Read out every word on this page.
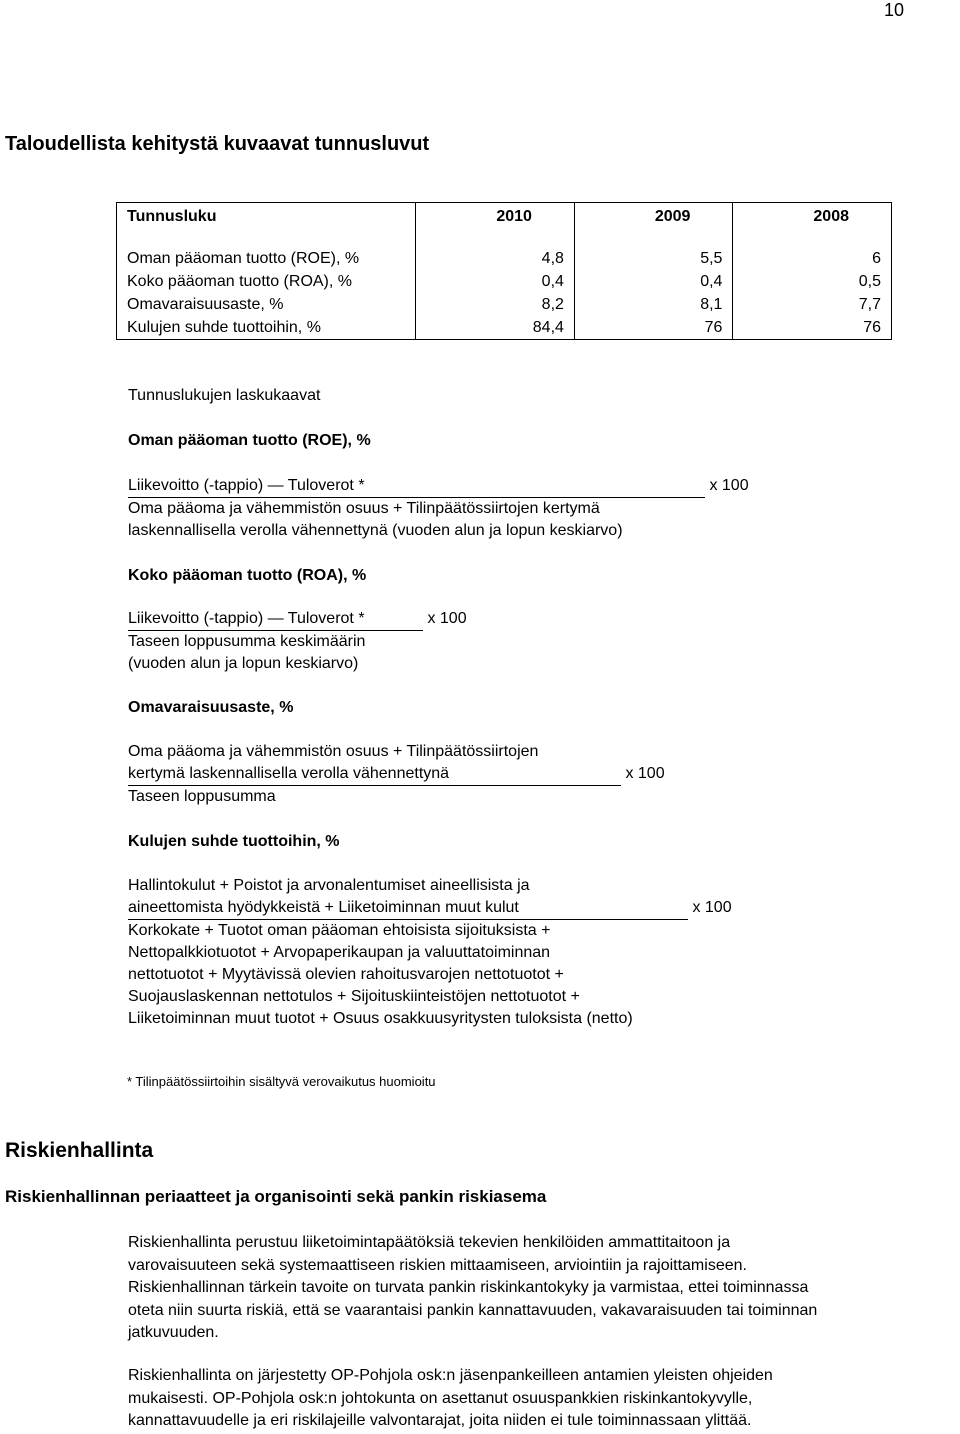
10
Taloudellista kehitystä kuvaavat tunnusluvut
Tunnusluku	2010	2009	2008

Oman pääoman tuotto (ROE), %	4,8	5,5	6
Koko pääoman tuotto (ROA), %	0,4	0,4	0,5
Omavaraisuusaste, %	8,2	8,1	7,7
Kulujen suhde tuottoihin, %	84,4	76	76
Tunnuslukujen laskukaavat
Oman pääoman tuotto (ROE), %
Liikevoitto (-tappio) — Tuloverot *	x 100
Oma pääoma ja vähemmistön osuus + Tilinpäätössiirtojen kertymä
laskennallisella verolla vähennettynä (vuoden alun ja lopun keskiarvo)
Koko pääoman tuotto (ROA), %
Liikevoitto (-tappio) — Tuloverot *	x 100
Taseen loppusumma keskimäärin
(vuoden alun ja lopun keskiarvo)
Omavaraisuusaste, %
Oma pääoma ja vähemmistön osuus + Tilinpäätössiirtojen
kertymä laskennallisella verolla vähennettynä	x 100
Taseen loppusumma
Kulujen suhde tuottoihin, %
Hallintokulut + Poistot ja arvonalentumiset aineellisista ja
aineettomista hyödykkeistä + Liiketoiminnan muut kulut	x 100
Korkokate + Tuotot oman pääoman ehtoisista sijoituksista +
Nettopalkkiotuotot + Arvopaperikaupan ja valuuttatoiminnan
nettotuotot + Myytävissä olevien rahoitusvarojen nettotuotot +
Suojauslaskennan nettotulos + Sijoituskiinteistöjen nettotuotot +
Liiketoiminnan muut tuotot + Osuus osakkuusyritysten tuloksista (netto)
* Tilinpäätössiirtoihin sisältyvä verovaikutus huomioitu
Riskienhallinta
Riskienhallinnan periaatteet ja organisointi sekä pankin riskiasema
Riskienhallinta perustuu liiketoimintapäätöksiä tekevien henkilöiden ammattitaitoon ja
varovaisuuteen sekä systemaattiseen riskien mittaamiseen, arviointiin ja rajoittamiseen.
Riskienhallinnan tärkein tavoite on turvata pankin riskinkantokyky ja varmistaa, ettei toiminnassa
oteta niin suurta riskiä, että se vaarantaisi pankin kannattavuuden, vakavaraisuuden tai toiminnan
jatkuvuuden.
Riskienhallinta on järjestetty OP-Pohjola osk:n jäsenpankeilleen antamien yleisten ohjeiden
mukaisesti. OP-Pohjola osk:n johtokunta on asettanut osuuspankkien riskinkantokyvylle,
kannattavuudelle ja eri riskilajeille valvontarajat, joita niiden ei tule toiminnassaan ylittää.
